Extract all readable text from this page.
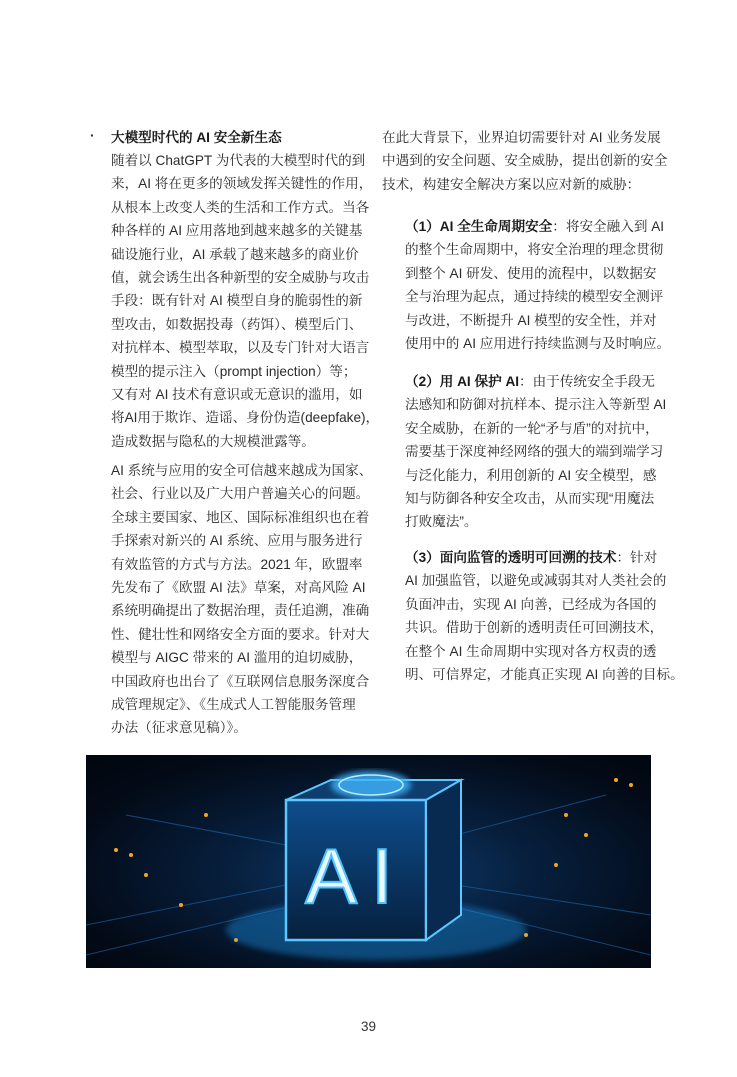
· 大模型时代的 AI 安全新生态
随着以 ChatGPT 为代表的大模型时代的到
来，AI 将在更多的领域发挥关键性的作用，
从根本上改变人类的生活和工作方式。当各
种各样的 AI 应用落地到越来越多的关键基
础设施行业，AI 承载了越来越多的商业价
值，就会诱生出各种新型的安全威胁与攻击
手段：既有针对 AI 模型自身的脆弱性的新
型攻击，如数据投毒（药饵）、模型后门、
对抗样本、模型萃取，以及专门针对大语言
模型的提示注入（prompt injection）等；
又有对 AI 技术有意识或无意识的滥用，如
将AI用于欺诈、造谣、身份伪造(deepfake)，
造成数据与隐私的大规模泄露等。
AI 系统与应用的安全可信越来越成为国家、
社会、行业以及广大用户普遍关心的问题。
全球主要国家、地区、国际标准组织也在着
手探索对新兴的 AI 系统、应用与服务进行
有效监管的方式与方法。2021 年，欧盟率
先发布了《欧盟 AI 法》草案，对高风险 AI
系统明确提出了数据治理，责任追溯，准确
性、健壮性和网络安全方面的要求。针对大
模型与 AIGC 带来的 AI 滥用的迫切威胁，
中国政府也出台了《互联网信息服务深度合
成管理规定》、《生成式人工智能服务管理
办法（征求意见稿）》。
在此大背景下，业界迫切需要针对 AI 业务发展
中遇到的安全问题、安全威胁，提出创新的安全
技术，构建安全解决方案以应对新的威胁：
（1）AI 全生命周期安全：将安全融入到 AI
的整个生命周期中，将安全治理的理念贯彻
到整个 AI 研发、使用的流程中，以数据安
全与治理为起点，通过持续的模型安全测评
与改进，不断提升 AI 模型的安全性，并对
使用中的 AI 应用进行持续监测与及时响应。
（2）用 AI 保护 AI：由于传统安全手段无
法感知和防御对抗样本、提示注入等新型 AI
安全威胁，在新的一轮“矛与盾”的对抗中，
需要基于深度神经网络的强大的端到端学习
与泛化能力，利用创新的 AI 安全模型，感
知与防御各种安全攻击，从而实现“用魔法
打败魔法”。
（3）面向监管的透明可回溯的技术：针对
AI 加强监管，以避免或减弱其对人类社会的
负面冲击，实现 AI 向善，已经成为各国的
共识。借助于创新的透明责任可回溯技术，
在整个 AI 生命周期中实现对各方权责的透
明、可信界定，才能真正实现 AI 向善的目标。
AI
39
